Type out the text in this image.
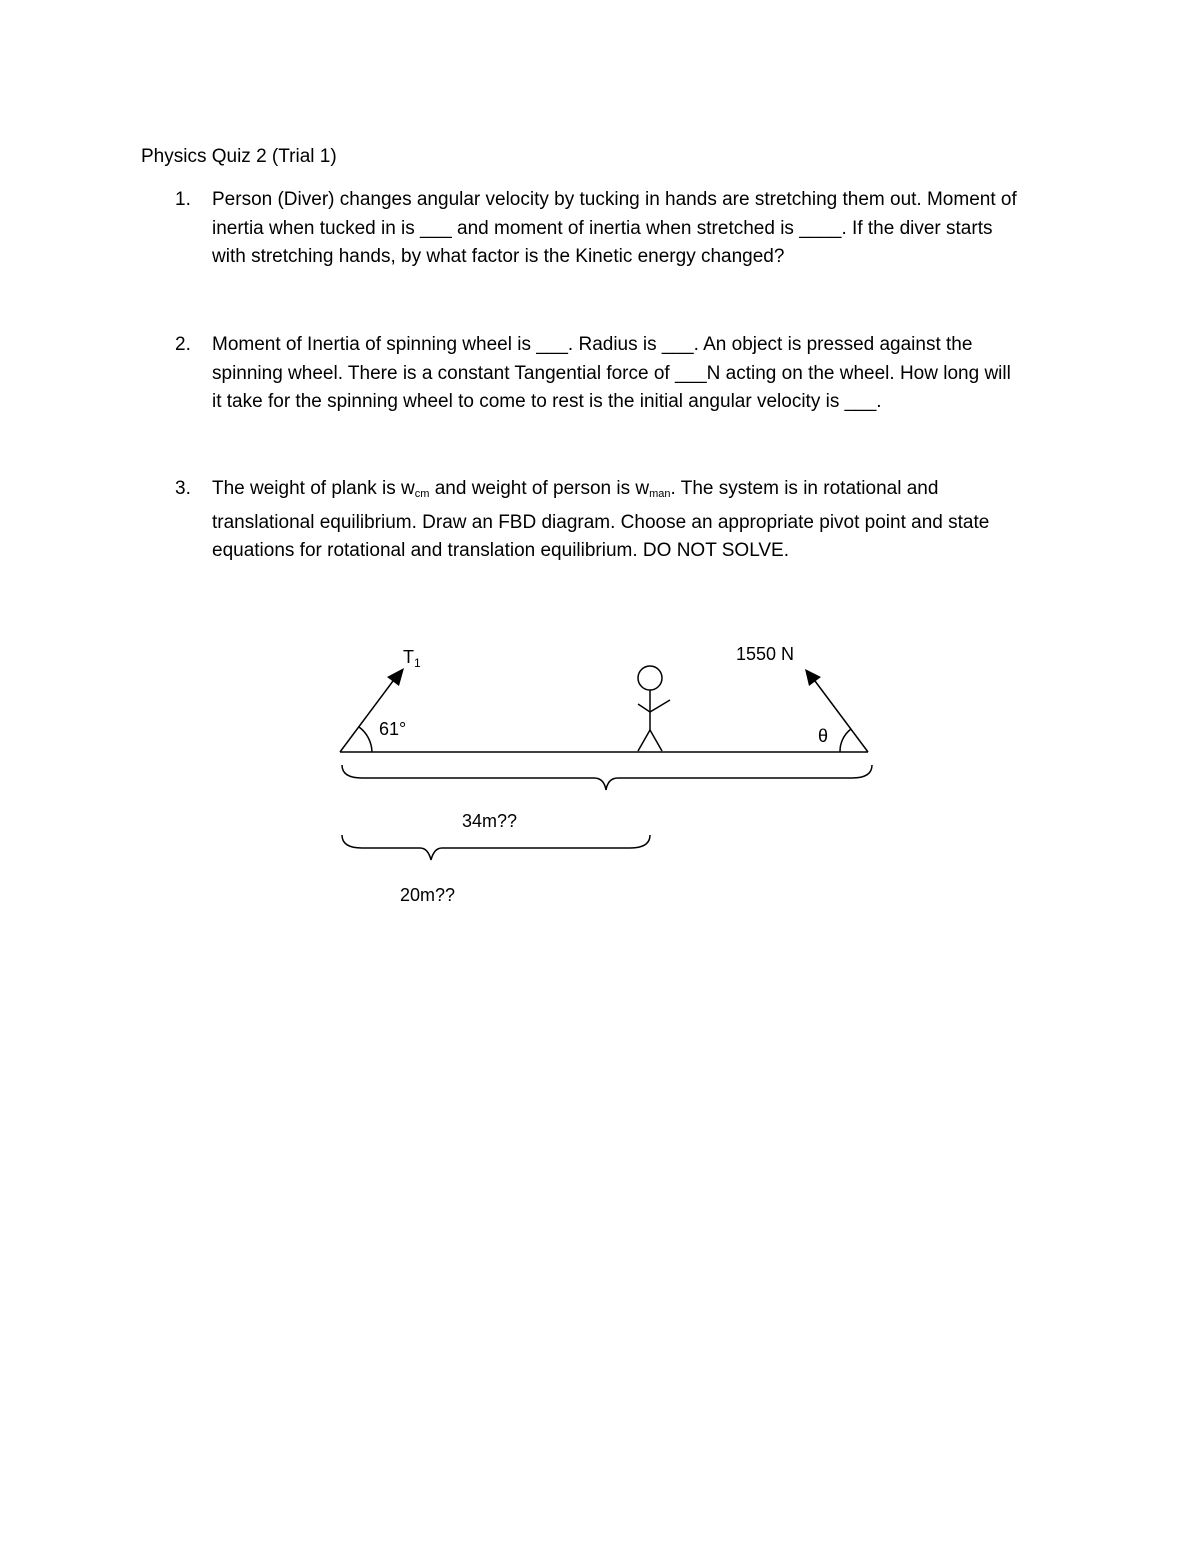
Physics Quiz 2 (Trial 1)
1. Person (Diver) changes angular velocity by tucking in hands are stretching them out. Moment of
inertia when tucked in is ___ and moment of inertia when stretched is ____. If the diver starts
with stretching hands, by what factor is the Kinetic energy changed?
2. Moment of Inertia of spinning wheel is ___. Radius is ___. An object is pressed against the
spinning wheel. There is a constant Tangential force of ___N acting on the wheel. How long will
it take for the spinning wheel to come to rest is the initial angular velocity is ___.
3. The weight of plank is $w_{cm}$ and weight of person is $w_{man}$. The system is in rotational and
translational equilibrium. Draw an FBD diagram. Choose an appropriate pivot point and state
equations for rotational and translation equilibrium. DO NOT SOLVE.
$T_1$	1550 N
61°	θ
34m??
20m??
